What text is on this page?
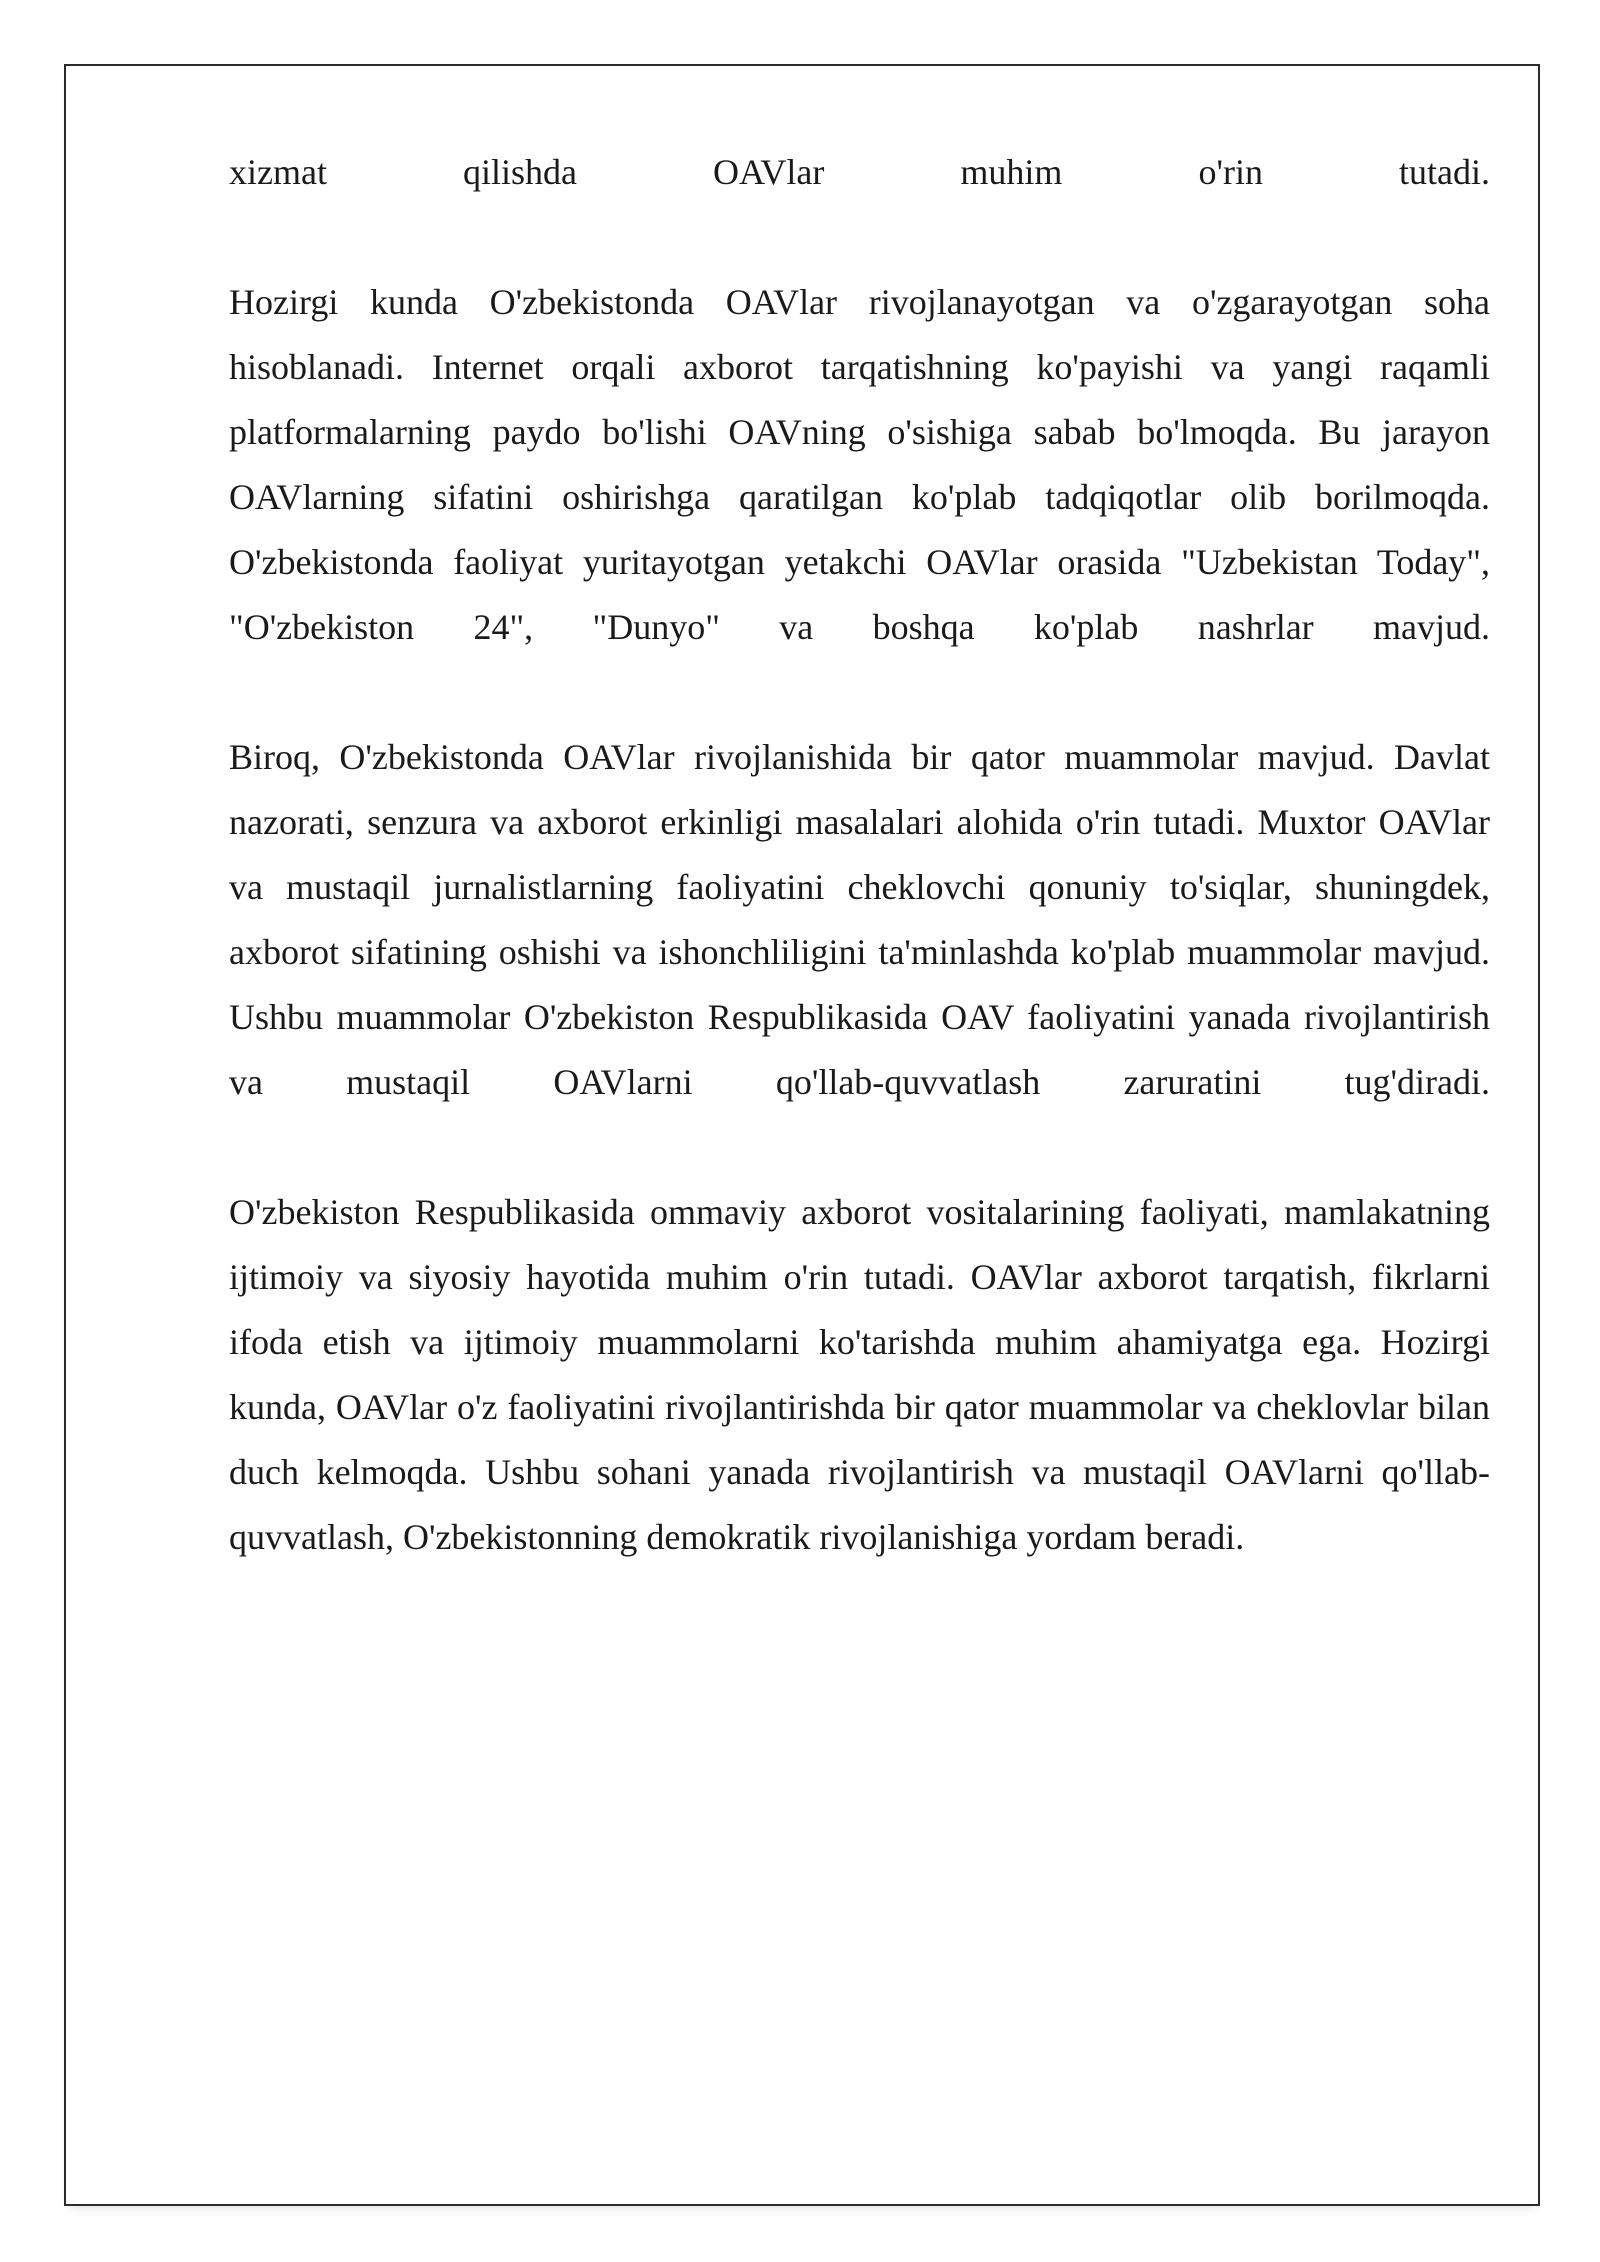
xizmat qilishda OAVlar muhim o'rin tutadi.

Hozirgi kunda O'zbekistonda OAVlar rivojlanayotgan va o'zgarayotgan soha hisoblanadi. Internet orqali axborot tarqatishning ko'payishi va yangi raqamli platformalarning paydo bo'lishi OAVning o'sishiga sabab bo'lmoqda. Bu jarayon OAVlarning sifatini oshirishga qaratilgan ko'plab tadqiqotlar olib borilmoqda. O'zbekistonda faoliyat yuritayotgan yetakchi OAVlar orasida "Uzbekistan Today", "O'zbekiston 24", "Dunyo" va boshqa ko'plab nashrlar mavjud.

Biroq, O'zbekistonda OAVlar rivojlanishida bir qator muammolar mavjud. Davlat nazorati, senzura va axborot erkinligi masalalari alohida o'rin tutadi. Muxtor OAVlar va mustaqil jurnalistlarning faoliyatini cheklovchi qonuniy to'siqlar, shuningdek, axborot sifatining oshishi va ishonchliligini ta'minlashda ko'plab muammolar mavjud. Ushbu muammolar O'zbekiston Respublikasida OAV faoliyatini yanada rivojlantirish va mustaqil OAVlarni qo'llab-quvvatlash zaruratini tug'diradi.

O'zbekiston Respublikasida ommaviy axborot vositalarining faoliyati, mamlakatning ijtimoiy va siyosiy hayotida muhim o'rin tutadi. OAVlar axborot tarqatish, fikrlarni ifoda etish va ijtimoiy muammolarni ko'tarishda muhim ahamiyatga ega. Hozirgi kunda, OAVlar o'z faoliyatini rivojlantirishda bir qator muammolar va cheklovlar bilan duch kelmoqda. Ushbu sohani yanada rivojlantirish va mustaqil OAVlarni qo'llab-quvvatlash, O'zbekistonning demokratik rivojlanishiga yordam beradi.
